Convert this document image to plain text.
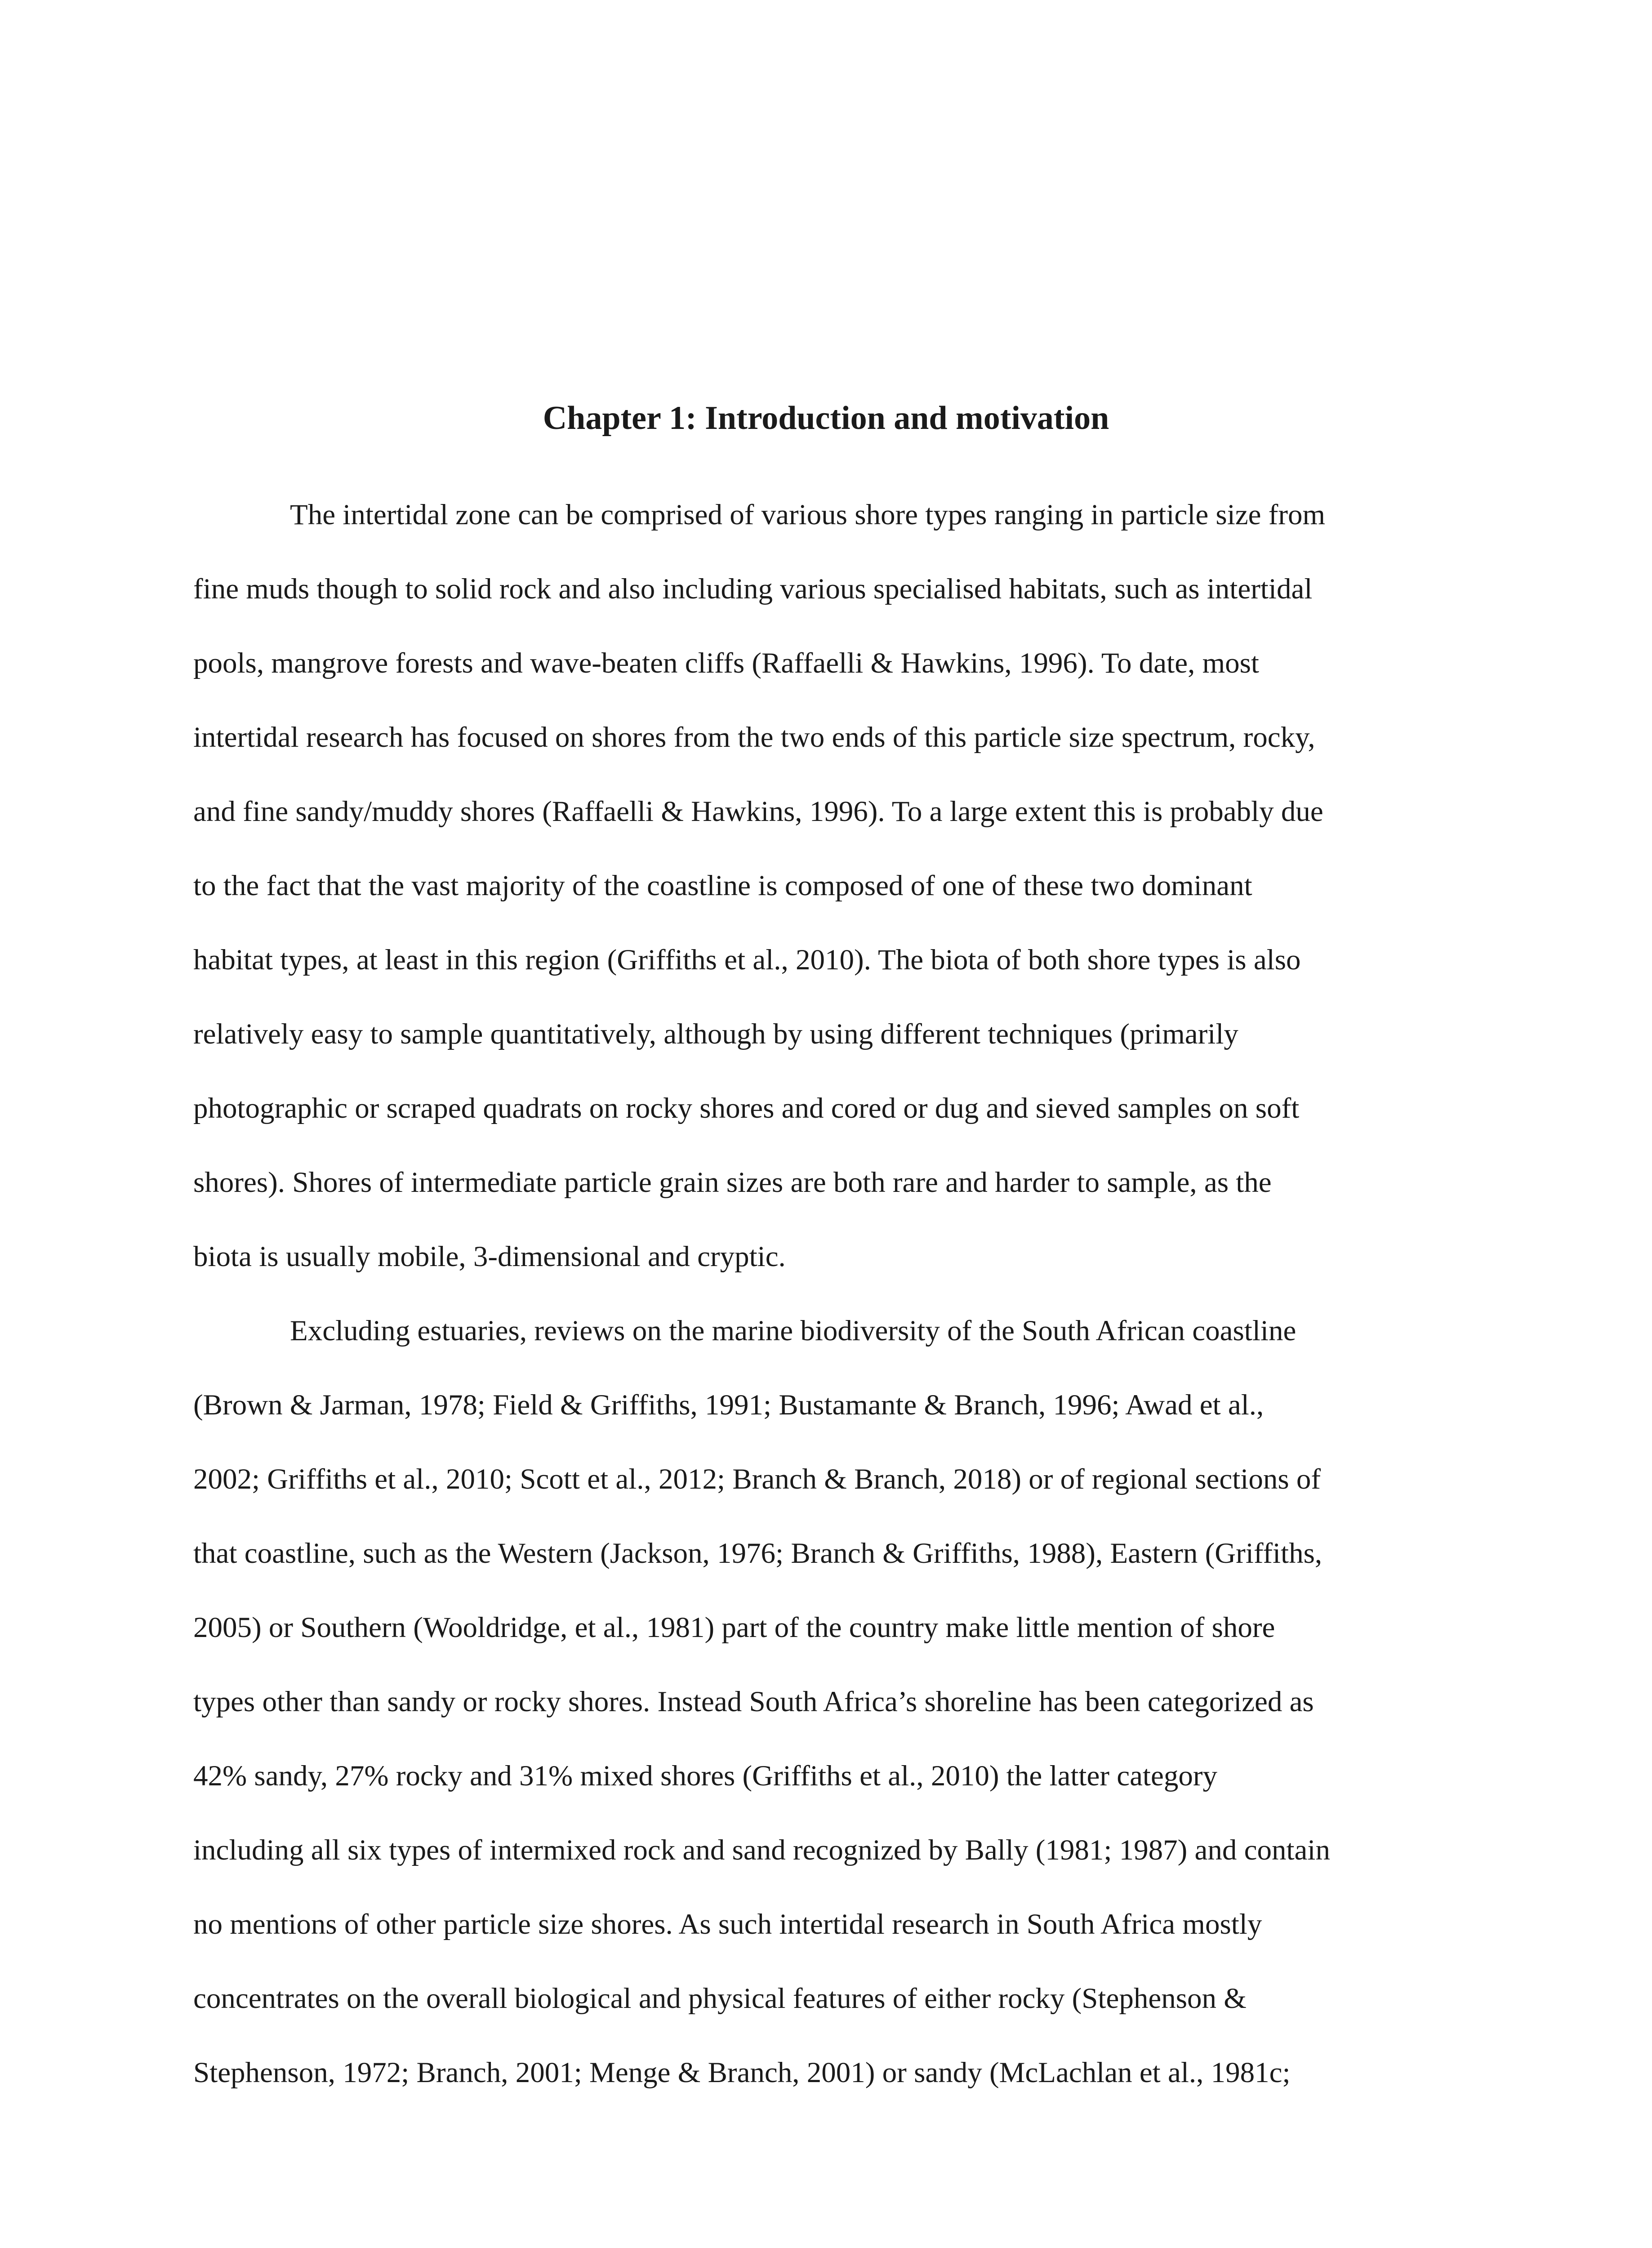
Chapter 1: Introduction and motivation

The intertidal zone can be comprised of various shore types ranging in particle size from

fine muds though to solid rock and also including various specialised habitats, such as intertidal

pools, mangrove forests and wave-beaten cliffs (Raffaelli & Hawkins, 1996). To date, most

intertidal research has focused on shores from the two ends of this particle size spectrum, rocky,

and fine sandy/muddy shores (Raffaelli & Hawkins, 1996). To a large extent this is probably due

to the fact that the vast majority of the coastline is composed of one of these two dominant

habitat types, at least in this region (Griffiths et al., 2010). The biota of both shore types is also

relatively easy to sample quantitatively, although by using different techniques (primarily

photographic or scraped quadrats on rocky shores and cored or dug and sieved samples on soft

shores). Shores of intermediate particle grain sizes are both rare and harder to sample, as the

biota is usually mobile, 3-dimensional and cryptic.

Excluding estuaries, reviews on the marine biodiversity of the South African coastline

(Brown & Jarman, 1978; Field & Griffiths, 1991; Bustamante & Branch, 1996; Awad et al.,

2002; Griffiths et al., 2010; Scott et al., 2012; Branch & Branch, 2018) or of regional sections of

that coastline, such as the Western (Jackson, 1976; Branch & Griffiths, 1988), Eastern (Griffiths,

2005) or Southern (Wooldridge, et al., 1981) part of the country make little mention of shore

types other than sandy or rocky shores. Instead South Africa’s shoreline has been categorized as

42% sandy, 27% rocky and 31% mixed shores (Griffiths et al., 2010) the latter category

including all six types of intermixed rock and sand recognized by Bally (1981; 1987) and contain

no mentions of other particle size shores. As such intertidal research in South Africa mostly

concentrates on the overall biological and physical features of either rocky (Stephenson &

Stephenson, 1972; Branch, 2001; Menge & Branch, 2001) or sandy (McLachlan et al., 1981c;
